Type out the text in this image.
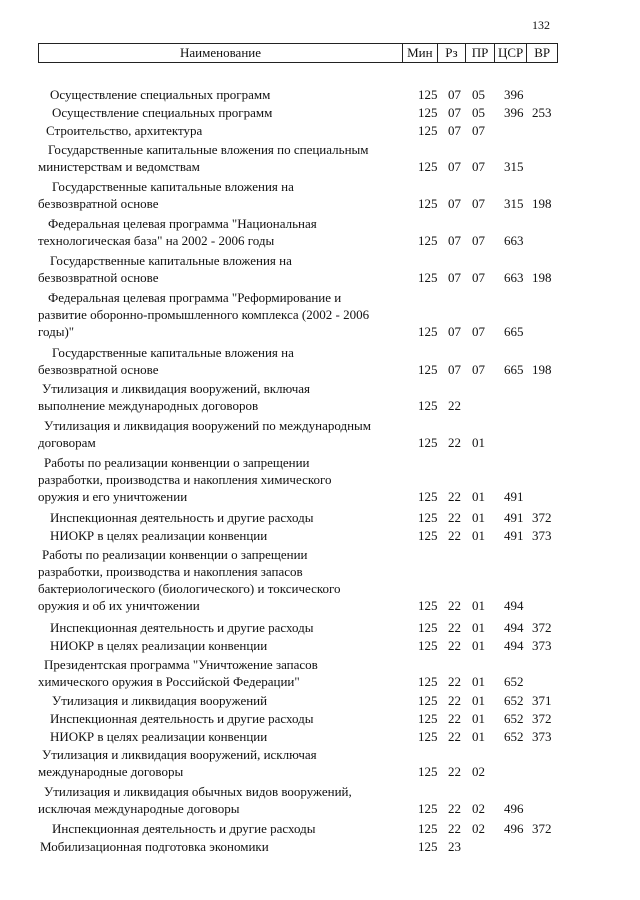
132
Наименование	Мин Рз	ПР ЦСР ВР
Осуществление специальных программ	125 07 05 396
Осуществление специальных программ	125 07 05 396 253
Строительство, архитектура	125 07 07
Государственные капитальные вложения по специальным
министерствам и ведомствам	125 07 07 315
Государственные капитальные вложения на
безвозвратной основе	125 07 07 315 198
Федеральная целевая программа "Национальная
технологическая база" на 2002 - 2006 годы	125 07 07 663
Государственные капитальные вложения на
безвозвратной основе	125 07 07 663 198
Федеральная целевая программа "Реформирование и
развитие оборонно-промышленного комплекса (2002 - 2006
годы)"	125 07 07 665
Государственные капитальные вложения на
безвозвратной основе	125 07 07 665 198
Утилизация и ликвидация вооружений, включая
выполнение международных договоров	125 22
Утилизация и ликвидация вооружений по международным
договорам	125 22 01
Работы по реализации конвенции о запрещении
разработки, производства и накопления химического
оружия и его уничтожении	125 22 01 491
Инспекционная деятельность и другие расходы	125 22 01 491 372
НИОКР в целях реализации конвенции	125 22 01 491 373
Работы по реализации конвенции о запрещении
разработки, производства и накопления запасов
бактериологического (биологического) и токсического
оружия и об их уничтожении	125 22 01 494
Инспекционная деятельность и другие расходы	125 22 01 494 372
НИОКР в целях реализации конвенции	125 22 01 494 373
Президентская программа "Уничтожение запасов
химического оружия в Российской Федерации"	125 22 01 652
Утилизация и ликвидация вооружений	125 22 01 652 371
Инспекционная деятельность и другие расходы	125 22 01 652 372
НИОКР в целях реализации конвенции	125 22 01 652 373
Утилизация и ликвидация вооружений, исключая
международные договоры	125 22 02
Утилизация и ликвидация обычных видов вооружений,
исключая международные договоры	125 22 02 496
Инспекционная деятельность и другие расходы	125 22 02 496 372
Мобилизационная подготовка экономики	125 23
